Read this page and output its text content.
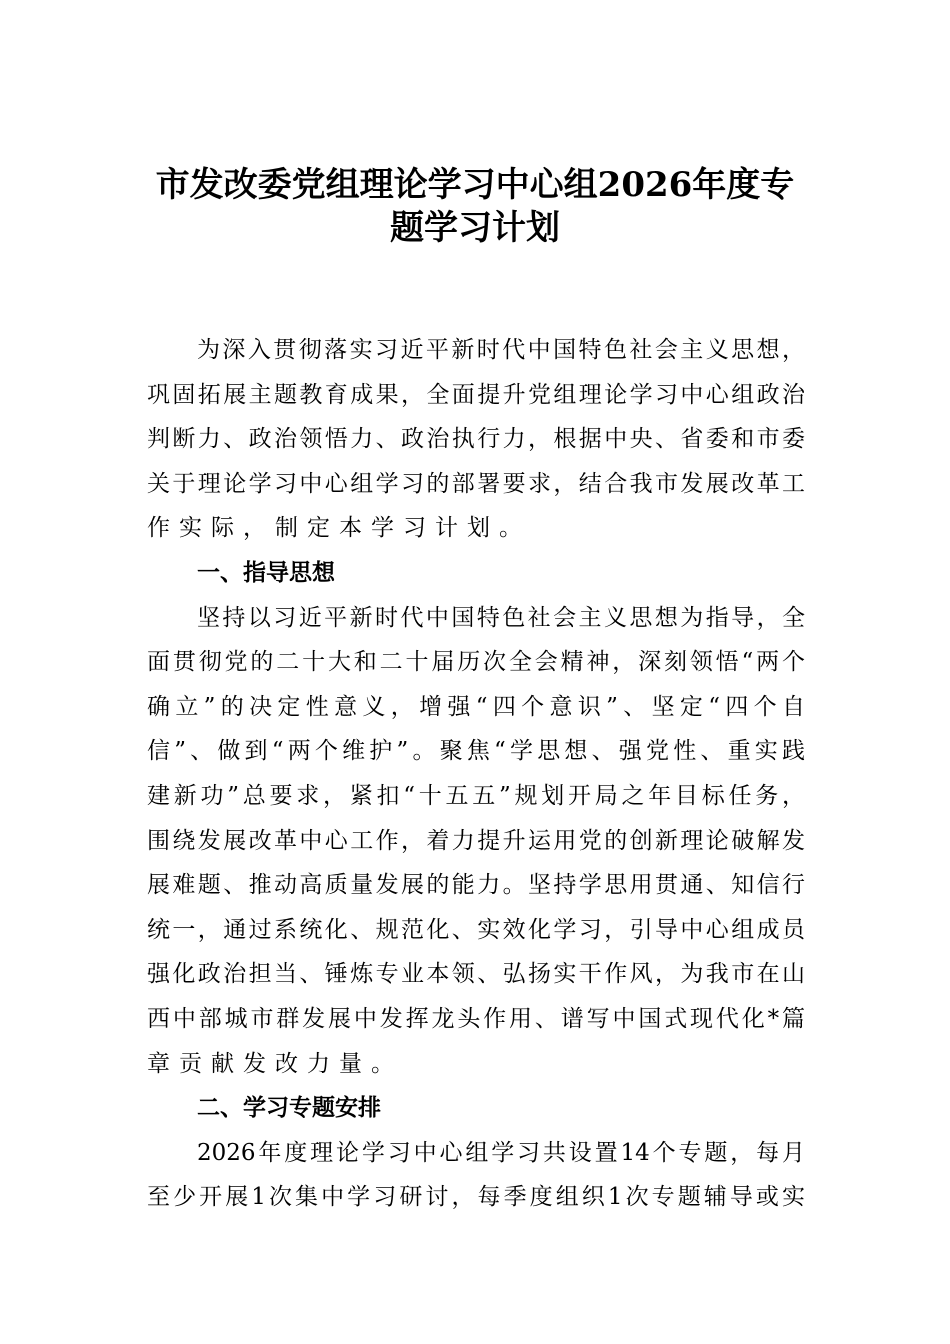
市发改委党组理论学习中心组2026年度专
题学习计划
为深入贯彻落实习近平新时代中国特色社会主义思想，
巩固拓展主题教育成果，全面提升党组理论学习中心组政治
判断力、政治领悟力、政治执行力，根据中央、省委和市委
关于理论学习中心组学习的部署要求，结合我市发展改革工
作实际，制定本学习计划。
一、指导思想
坚持以习近平新时代中国特色社会主义思想为指导，全
面贯彻党的二十大和二十届历次全会精神，深刻领悟“两个
确立”的决定性意义，增强“四个意识”、坚定“四个自
信”、做到“两个维护”。聚焦“学思想、强党性、重实践
建新功”总要求，紧扣“十五五”规划开局之年目标任务，
围绕发展改革中心工作，着力提升运用党的创新理论破解发
展难题、推动高质量发展的能力。坚持学思用贯通、知信行
统一，通过系统化、规范化、实效化学习，引导中心组成员
强化政治担当、锤炼专业本领、弘扬实干作风，为我市在山
西中部城市群发展中发挥龙头作用、谱写中国式现代化*篇
章贡献发改力量。
二、学习专题安排
2026年度理论学习中心组学习共设置14个专题，每月
至少开展1次集中学习研讨，每季度组织1次专题辅导或实
